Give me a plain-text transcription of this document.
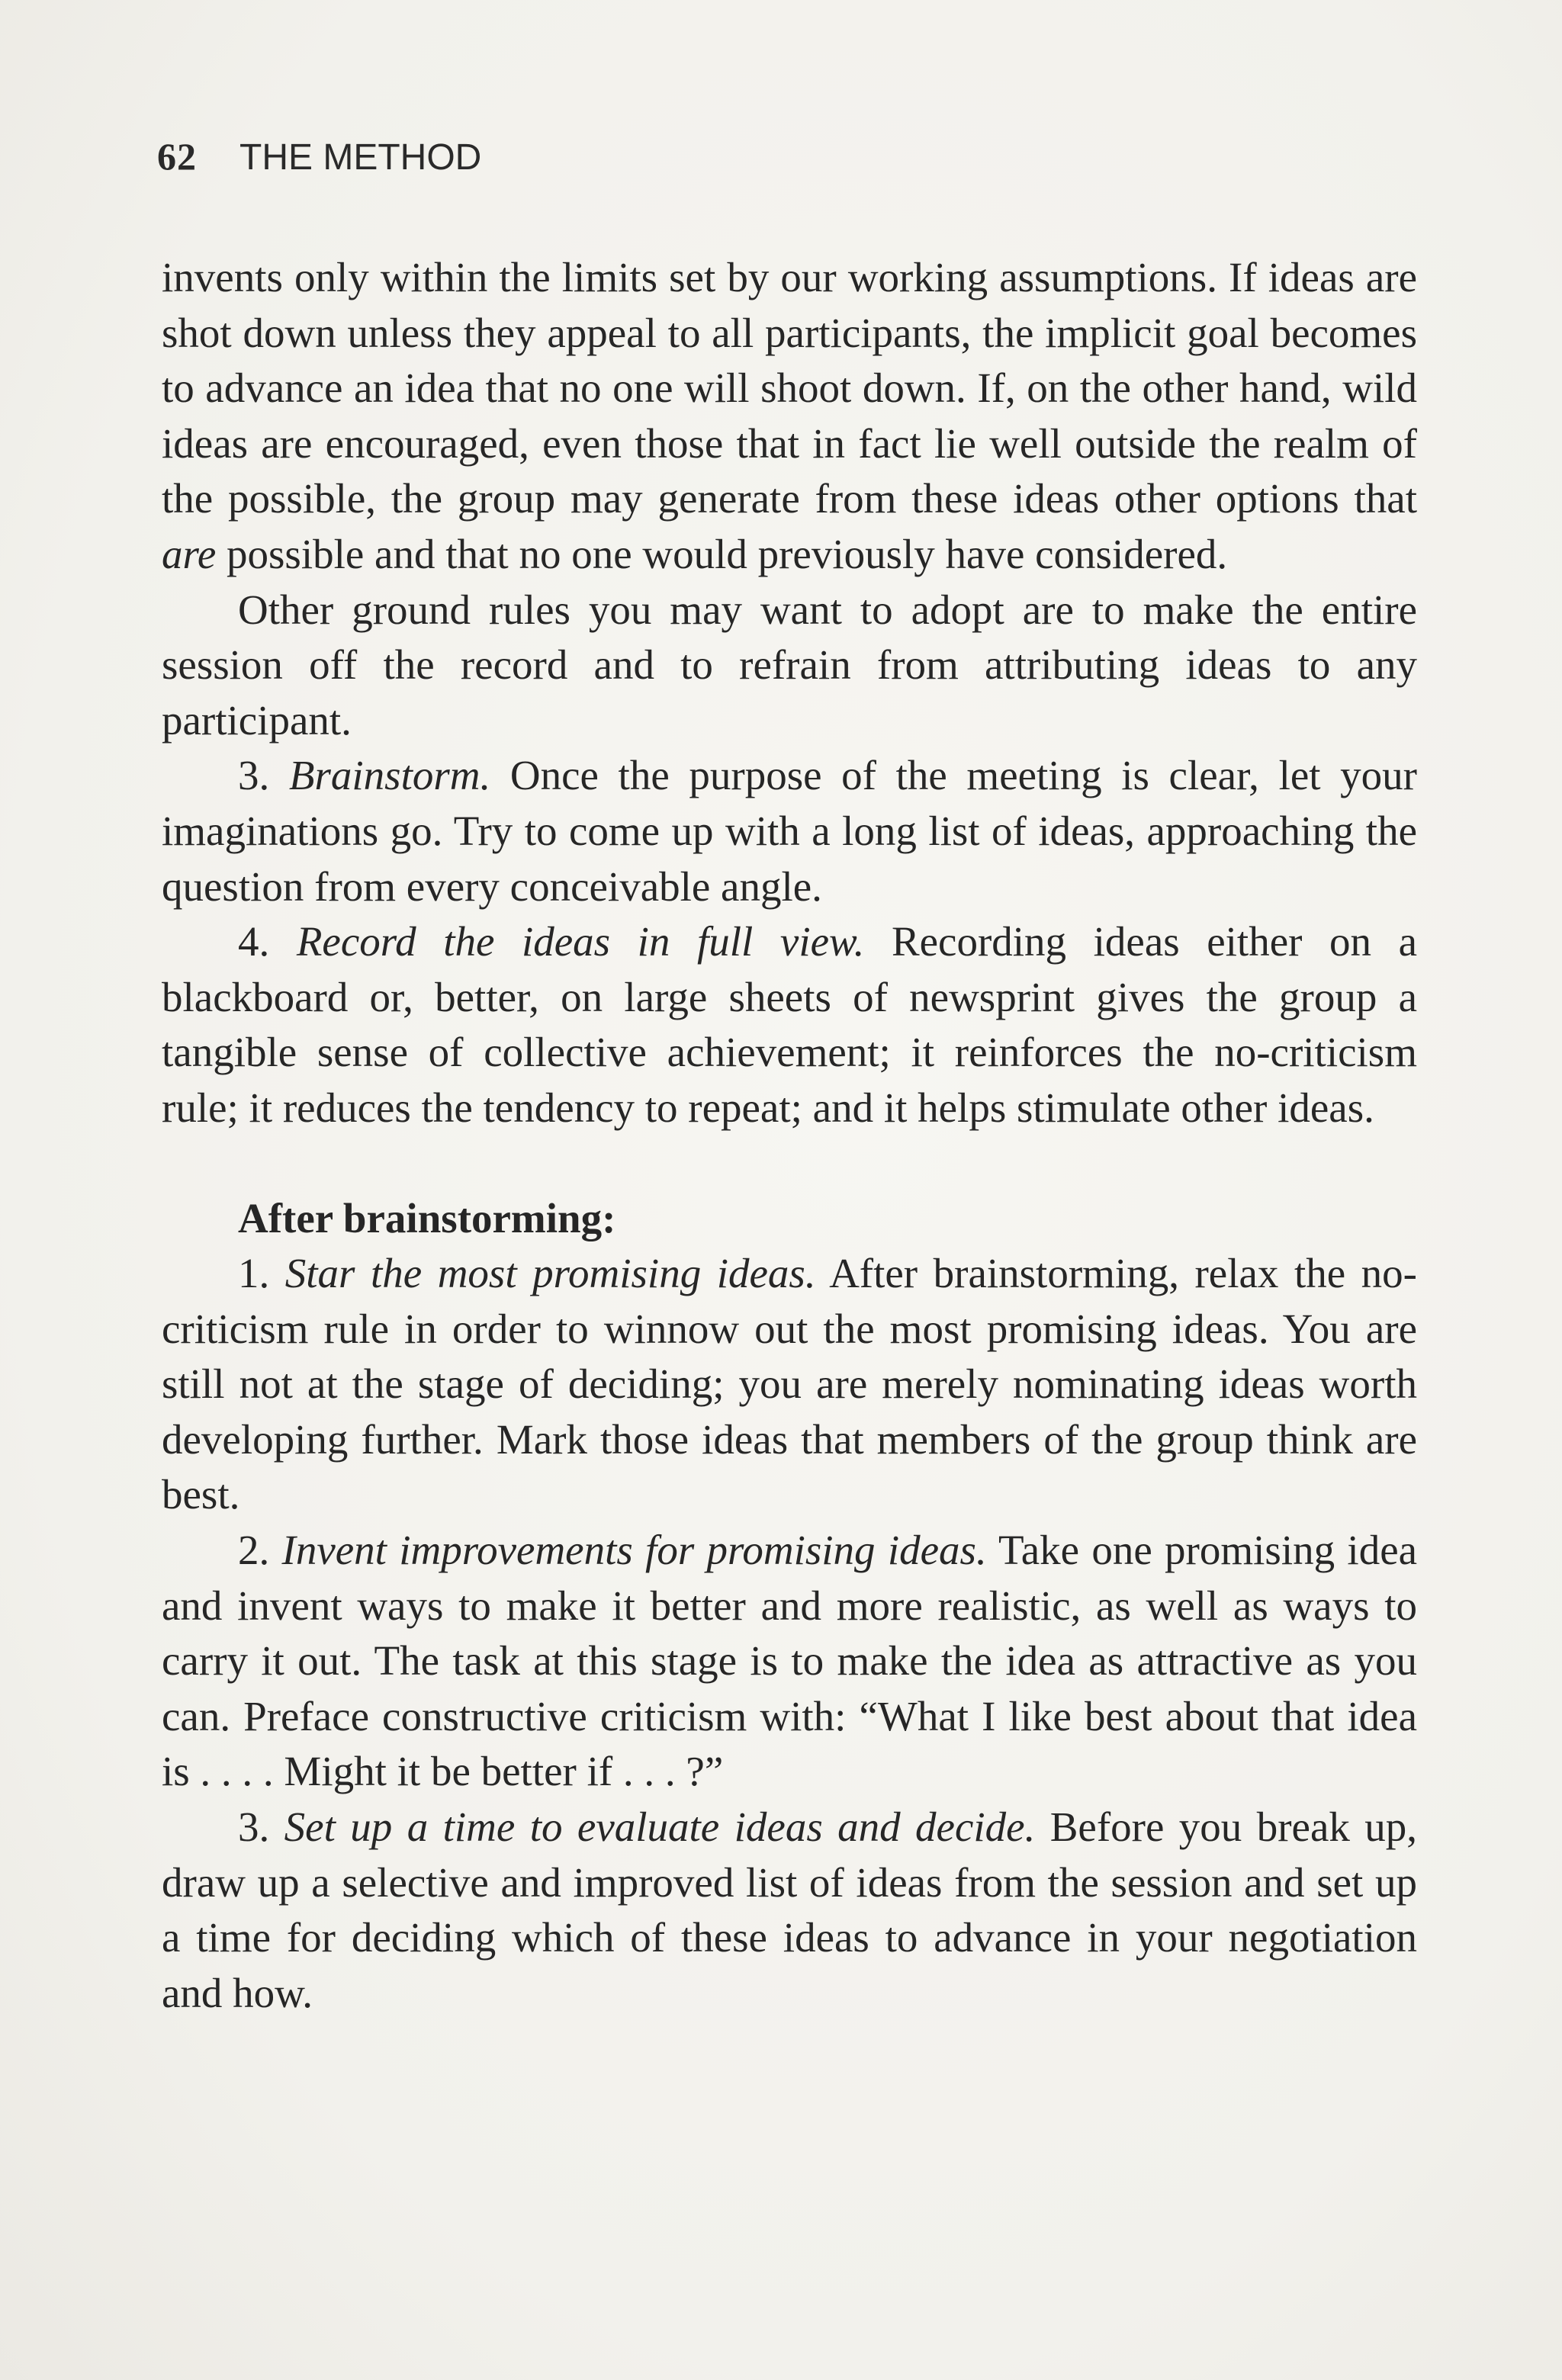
62 THE METHOD

invents only within the limits set by our working assumptions. If ideas are shot down unless they appeal to all participants, the implicit goal becomes to advance an idea that no one will shoot down. If, on the other hand, wild ideas are encouraged, even those that in fact lie well outside the realm of the possible, the group may generate from these ideas other options that are possible and that no one would previously have considered.

Other ground rules you may want to adopt are to make the entire session off the record and to refrain from attributing ideas to any participant.

3. Brainstorm. Once the purpose of the meeting is clear, let your imaginations go. Try to come up with a long list of ideas, approaching the question from every conceivable angle.

4. Record the ideas in full view. Recording ideas either on a blackboard or, better, on large sheets of newsprint gives the group a tangible sense of collective achievement; it reinforces the no-criticism rule; it reduces the tendency to repeat; and it helps stimulate other ideas.

After brainstorming:

1. Star the most promising ideas. After brainstorming, relax the no-criticism rule in order to winnow out the most promising ideas. You are still not at the stage of deciding; you are merely nominating ideas worth developing further. Mark those ideas that members of the group think are best.

2. Invent improvements for promising ideas. Take one promising idea and invent ways to make it better and more realistic, as well as ways to carry it out. The task at this stage is to make the idea as attractive as you can. Preface constructive criticism with: “What I like best about that idea is . . . . Might it be better if . . . ?”

3. Set up a time to evaluate ideas and decide. Before you break up, draw up a selective and improved list of ideas from the session and set up a time for deciding which of these ideas to advance in your negotiation and how.
